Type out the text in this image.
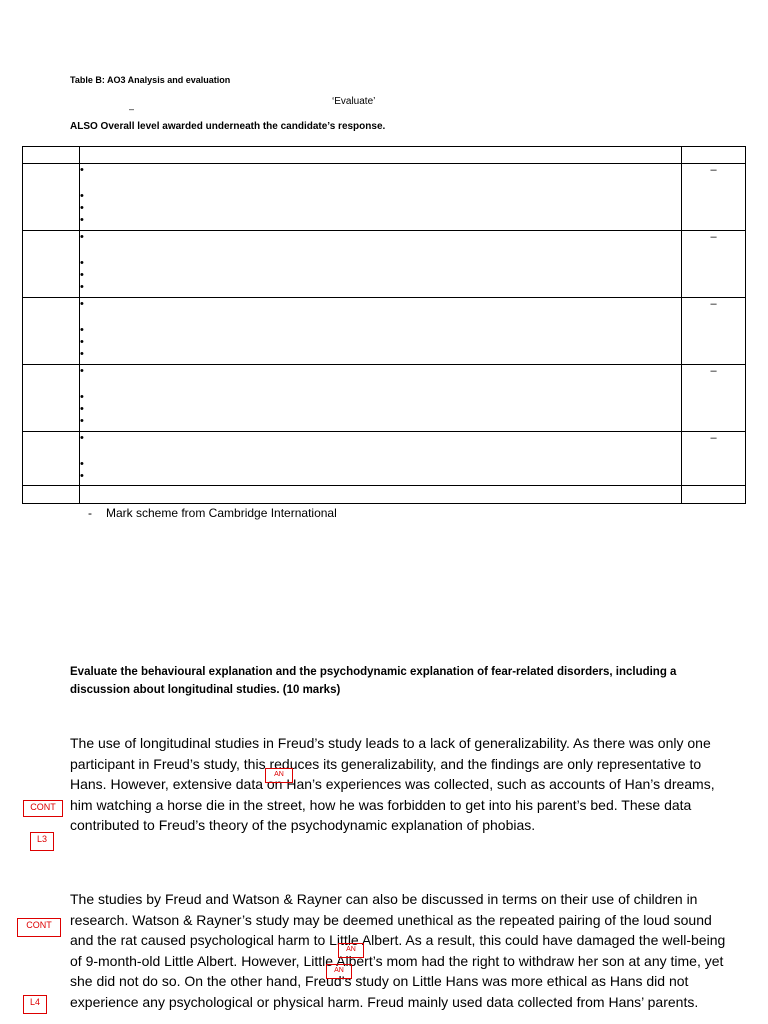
Table B: AO3 Analysis and evaluation
‘Evaluate’
–
ALSO Overall level awarded underneath the candidate’s response.

	•
•
•
•	–

	•
•
•
•	–

	•
•
•
•	–

	•
•
•
•	–

	•
•
•	–

- Mark scheme from Cambridge International
Evaluate the behavioural explanation and the psychodynamic explanation of fear-related disorders, including a discussion about longitudinal studies. (10 marks)
The use of longitudinal studies in Freud’s study leads to a lack of generalizability. As there was only one participant in Freud’s study, this reduces its generalizability, and the findings are only representative to Hans. However, extensive data on Han’s experiences was collected, such as accounts of Han’s dreams, him watching a horse die in the street, how he was forbidden to get into his parent’s bed. These data contributed to Freud’s theory of the psychodynamic explanation of phobias.
The studies by Freud and Watson & Rayner can also be discussed in terms on their use of children in research. Watson & Rayner’s study may be deemed unethical as the repeated pairing of the loud sound and the rat caused psychological harm to Little Albert. As a result, this could have damaged the well-being of 9-month-old Little Albert. However, Little Albert’s mom had the right to withdraw her son at any time, yet she did not do so. On the other hand, Freud’s study on Little Hans was more ethical as Hans did not experience any psychological or physical harm. Freud mainly used data collected from Hans’ parents.
AN
CONT
L3
CONT
AN
AN
L4
